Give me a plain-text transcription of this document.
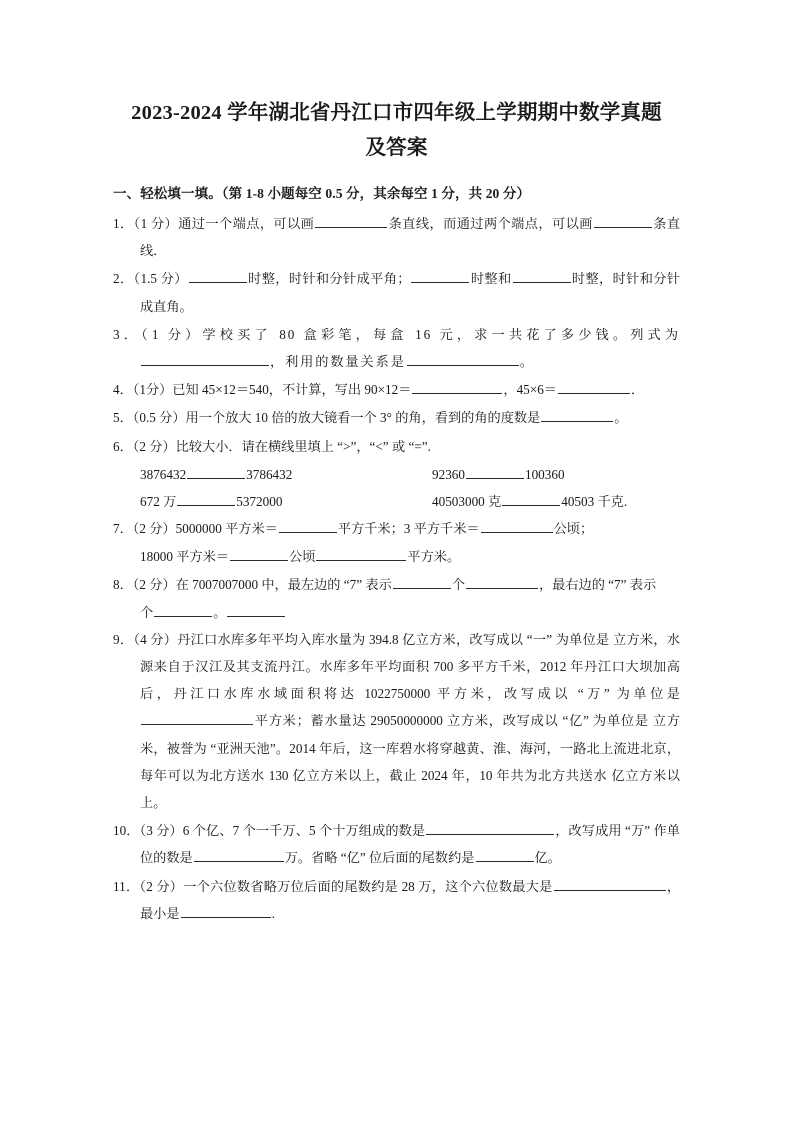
2023-2024 学年湖北省丹江口市四年级上学期期中数学真题
及答案
一、轻松填一填。（第 1-8 小题每空 0.5 分，其余每空 1 分，共 20 分）

1．（1 分）通过一个端点，可以画	条直线，而通过两个端点，可以画	条直线．

2．（1.5 分）	时整，时针和分针成平角；	时整和	时整，时针和分针成直角。

3．（1 分）学校买了 80 盒彩笔，每盒 16 元，求一共花了多少钱。列式为，利用的数量关系是	。

4．（1分）已知 45×12＝540，不计算，写出 90×12＝	，45×6＝	．

5．（0.5 分）用一个放大 10 倍的放大镜看一个 3° 的角，看到的角的度数是	。

6．（2 分）比较大小．请在横线里填上 “>”，“<” 或 “=”.

3876432	3786432	92360	100360
672 万	5372000	40503000 克	40503 千克.

7．（2 分）5000000 平方米＝	平方千米；3 平方千米＝	公顷；

18000 平方米＝	公顷	平方米。

8．（2 分）在 7007007000 中，最左边的 “7” 表示	个	，最右边的 “7” 表示

个	。

9．（4 分）丹江口水库多年平均入库水量为 394.8 亿立方米，改写成以 “一” 为单位是 立方米，水源来自于汉江及其支流丹江。水库多年平均面积 700 多平方千米，2012 年丹江口大坝加高后，丹江口水库水域面积将达 1022750000 平方米，改写成以 “万” 为单位是平方米；蓄水量达 29050000000 立方米，改写成以 “亿” 为单位是 立方米，被誉为 “亚洲天池”。2014 年后，这一库碧水将穿越黄、淮、海河，一路北上流进北京，每年可以为北方送水 130 亿立方米以上，截止 2024 年，10 年共为北方共送水 亿立方米以上。

10．（3 分）6 个亿、7 个一千万、5 个十万组成的数是	，改写成用 “万” 作单位的数是	万。省略 “亿” 位后面的尾数约是	亿。

11．（2 分）一个六位数省略万位后面的尾数约是 28 万，这个六位数最大是	，最小是	.
